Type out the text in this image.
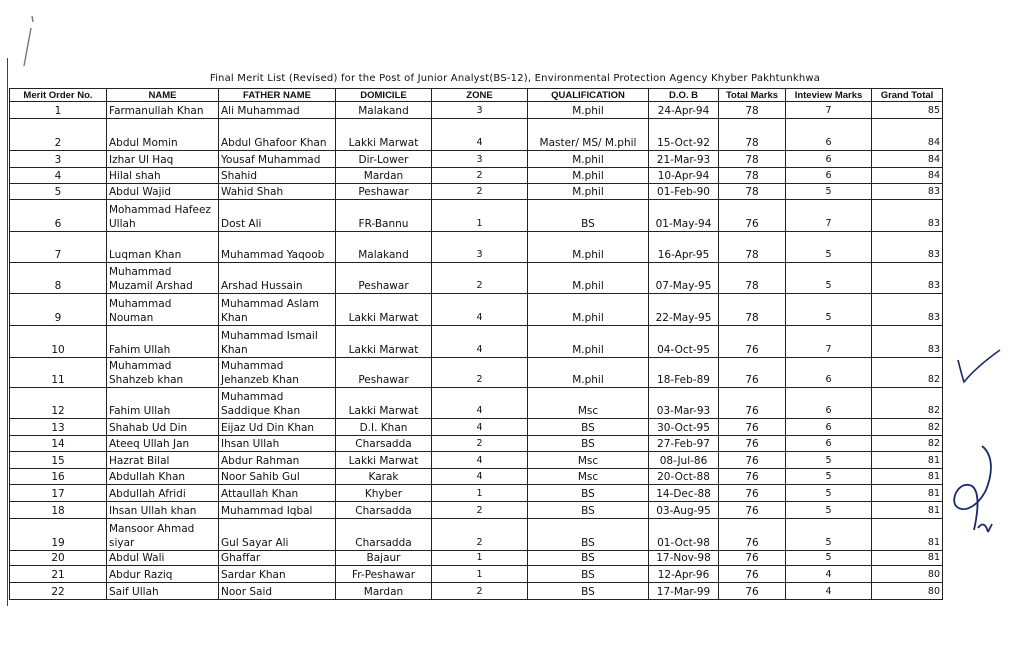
Final Merit List (Revised) for the Post of Junior Analyst(BS-12), Environmental Protection Agency Khyber Pakhtunkhwa
Merit Order No.	NAME	FATHER NAME	DOMICILE	ZONE	QUALIFICATION	D.O. B	Total Marks	Inteview Marks	Grand Total
1	Farmanullah Khan	Ali Muhammad	Malakand	3	M.phil	24-Apr-94	78	7	85
2	Abdul Momin	Abdul Ghafoor Khan	Lakki Marwat	4	Master/ MS/ M.phil	15-Oct-92	78	6	84
3	Izhar Ul Haq	Yousaf Muhammad	Dir-Lower	3	M.phil	21-Mar-93	78	6	84
4	Hilal shah	Shahid	Mardan	2	M.phil	10-Apr-94	78	6	84
5	Abdul Wajid	Wahid Shah	Peshawar	2	M.phil	01-Feb-90	78	5	83
6	Mohammad Hafeez Ullah	Dost Ali	FR-Bannu	1	BS	01-May-94	76	7	83
7	Luqman Khan	Muhammad Yaqoob	Malakand	3	M.phil	16-Apr-95	78	5	83
8	Muhammad Muzamil Arshad	Arshad Hussain	Peshawar	2	M.phil	07-May-95	78	5	83
9	Muhammad Nouman	Muhammad Aslam Khan	Lakki Marwat	4	M.phil	22-May-95	78	5	83
10	Fahim Ullah	Muhammad Ismail Khan	Lakki Marwat	4	M.phil	04-Oct-95	76	7	83
11	Muhammad Shahzeb khan	Muhammad Jehanzeb Khan	Peshawar	2	M.phil	18-Feb-89	76	6	82
12	Fahim Ullah	Muhammad Saddique Khan	Lakki Marwat	4	Msc	03-Mar-93	76	6	82
13	Shahab Ud Din	Eijaz Ud Din Khan	D.I. Khan	4	BS	30-Oct-95	76	6	82
14	Ateeq Ullah Jan	Ihsan Ullah	Charsadda	2	BS	27-Feb-97	76	6	82
15	Hazrat Bilal	Abdur Rahman	Lakki Marwat	4	Msc	08-Jul-86	76	5	81
16	Abdullah Khan	Noor Sahib Gul	Karak	4	Msc	20-Oct-88	76	5	81
17	Abdullah Afridi	Attaullah Khan	Khyber	1	BS	14-Dec-88	76	5	81
18	Ihsan Ullah khan	Muhammad Iqbal	Charsadda	2	BS	03-Aug-95	76	5	81
19	Mansoor Ahmad siyar	Gul Sayar Ali	Charsadda	2	BS	01-Oct-98	76	5	81
20	Abdul Wali	Ghaffar	Bajaur	1	BS	17-Nov-98	76	5	81
21	Abdur Raziq	Sardar Khan	Fr-Peshawar	1	BS	12-Apr-96	76	4	80
22	Saif Ullah	Noor Said	Mardan	2	BS	17-Mar-99	76	4	80
